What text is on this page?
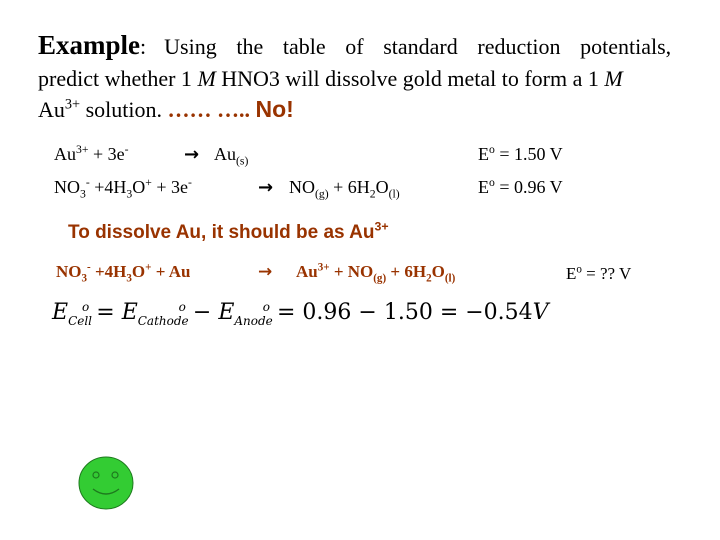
Example: Using the table of standard reduction potentials,
predict whether 1 M HNO3 will dissolve gold metal to form a 1 M
$Au^{3+}$ solution. …… ….. No!
$Au^{3+} + 3e^-$	→ $Au_{(s)}$	$E^o = 1.50$ V
$NO_3^- +4H_3O^+ + 3e^-$	→ $NO_{(g)} + 6H_2O_{(l)}$	$E^o = 0.96$ V
To dissolve Au, it should be as $Au^{3+}$
$NO_3^- +4H_3O^+ + Au$	→ $Au^{3+} + NO_{(g)} + 6H_2O_{(l)}$	$E^o$ = ?? V
$E_{Cell}^o = E_{Cathode}^o - E_{Anode}^o = 0.96 - 1.50 = -0.54V$
